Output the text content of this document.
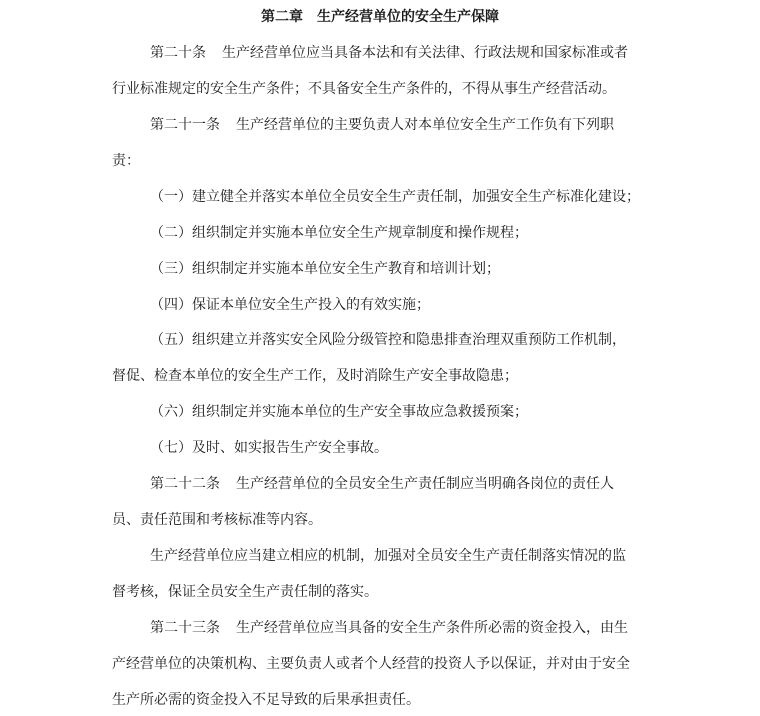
第二章　生产经营单位的安全生产保障
第二十条 生产经营单位应当具备本法和有关法律、行政法规和国家标准或者
行业标准规定的安全生产条件；不具备安全生产条件的，不得从事生产经营活动。
第二十一条 生产经营单位的主要负责人对本单位安全生产工作负有下列职
责：
（一）建立健全并落实本单位全员安全生产责任制，加强安全生产标准化建设；
（二）组织制定并实施本单位安全生产规章制度和操作规程；
（三）组织制定并实施本单位安全生产教育和培训计划；
（四）保证本单位安全生产投入的有效实施；
（五）组织建立并落实安全风险分级管控和隐患排查治理双重预防工作机制，
督促、检查本单位的安全生产工作，及时消除生产安全事故隐患；
（六）组织制定并实施本单位的生产安全事故应急救援预案；
（七）及时、如实报告生产安全事故。
第二十二条 生产经营单位的全员安全生产责任制应当明确各岗位的责任人
员、责任范围和考核标准等内容。
生产经营单位应当建立相应的机制，加强对全员安全生产责任制落实情况的监
督考核，保证全员安全生产责任制的落实。
第二十三条 生产经营单位应当具备的安全生产条件所必需的资金投入，由生
产经营单位的决策机构、主要负责人或者个人经营的投资人予以保证，并对由于安全
生产所必需的资金投入不足导致的后果承担责任。
